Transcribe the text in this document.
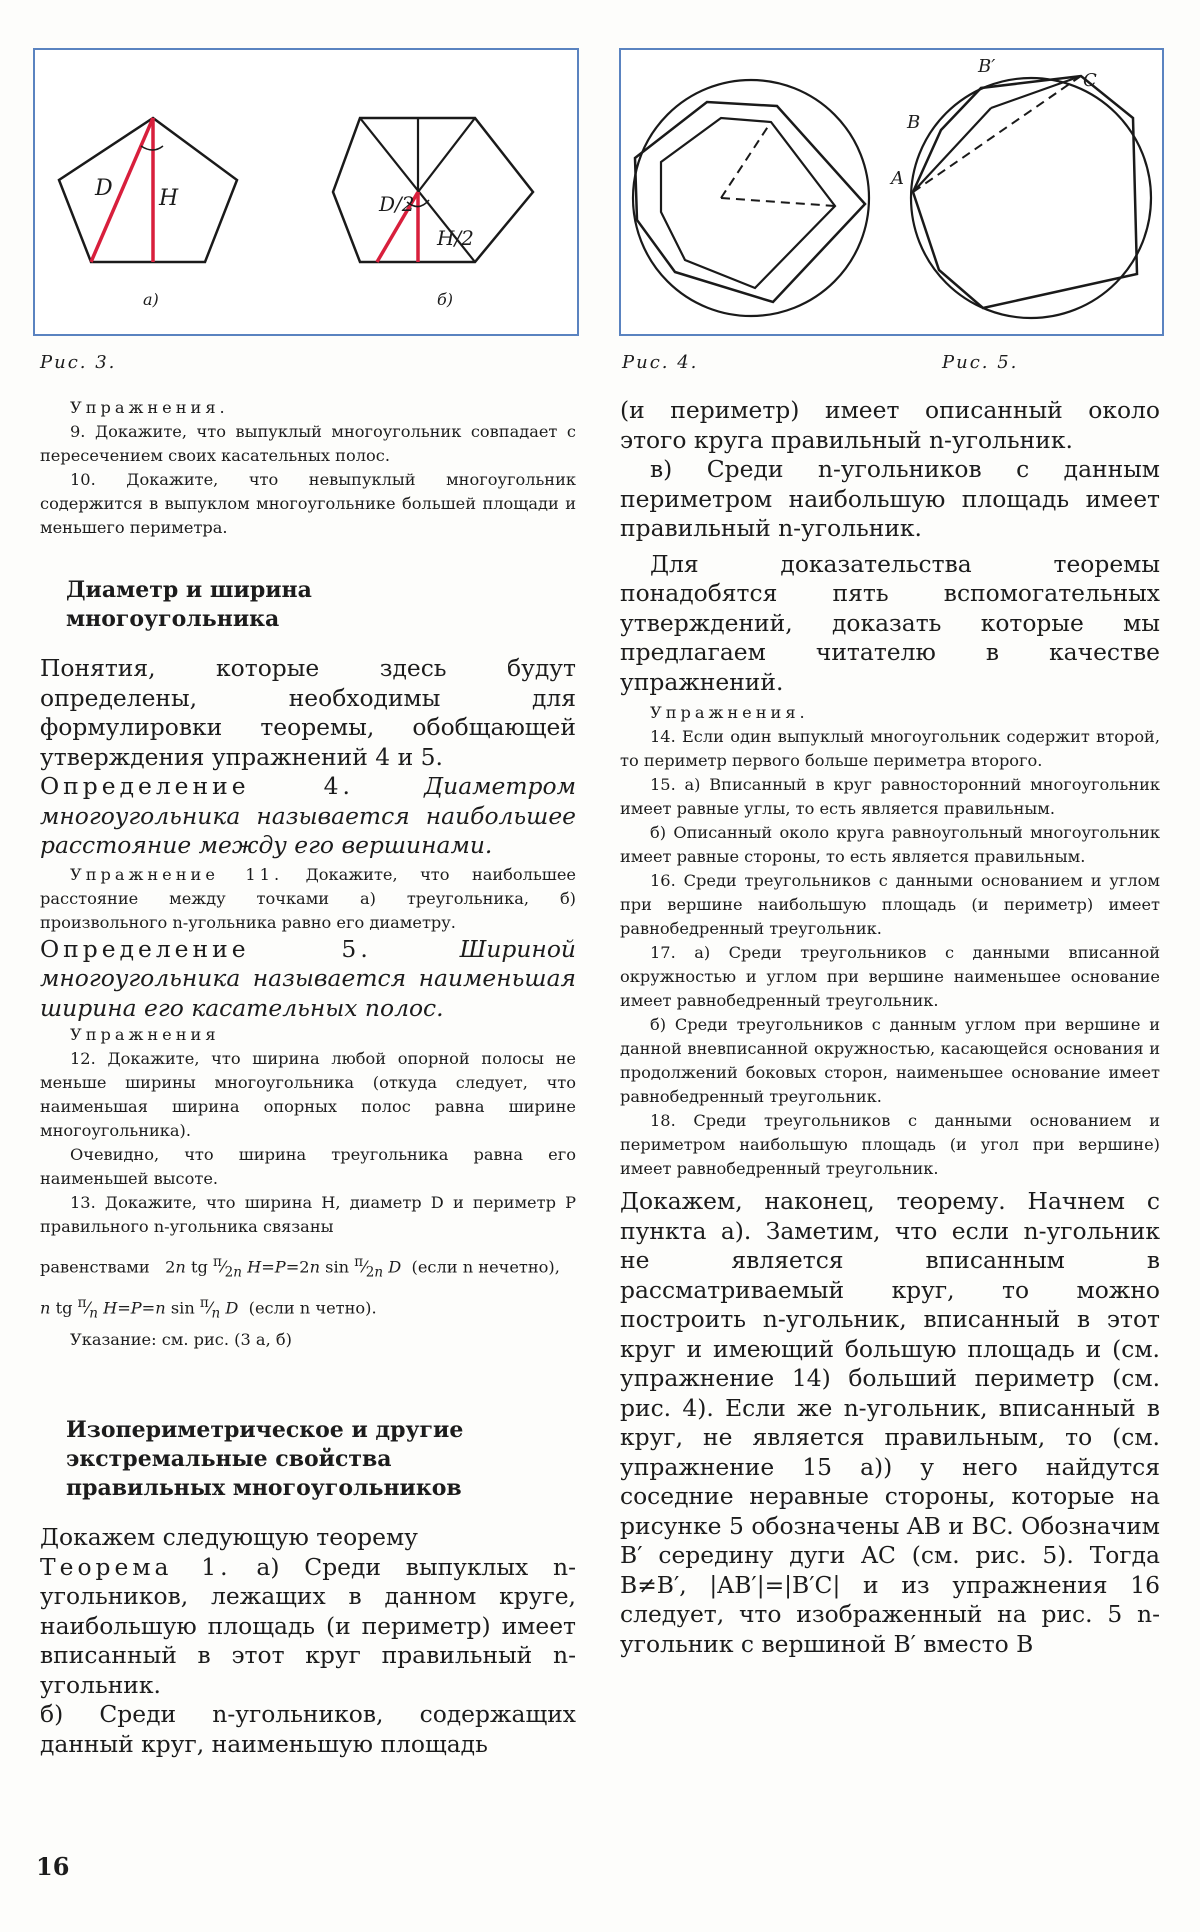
D H	D/2
H/2
а)	б)
Рис. 3.
B′
C
B
A
Рис. 4.	Рис. 5.

Упражнения.

9. Докажите, что выпуклый многоугольник совпадает с пересечением своих касательных полос.

10. Докажите, что невыпуклый многоугольник содержится в выпуклом многоугольнике большей площади и меньшего периметра.

Диаметр и ширина многоугольника

Понятия, которые здесь будут определены, необходимы для формулировки теоремы, обобщающей утверждения упражнений 4 и 5.

Определение 4.	Диаметром многоугольника называется наибольшее расстояние между его вершинами.

Упражнение 11. Докажите, что наибольшее расстояние между точками а) треугольника, б) произвольного n-угольника равно его диаметру.

Определение 5.	Шириной многоугольника называется наименьшая ширина его касательных полос.

Упражнения

12. Докажите, что ширина любой опорной полосы не меньше ширины многоугольника (откуда следует, что наименьшая ширина опорных полос равна ширине многоугольника).

Очевидно, что ширина треугольника равна его наименьшей высоте.

13. Докажите, что ширина H, диаметр D и периметр P правильного n-угольника связаны

равенствами   2n tg $^\pi⁄_{2n}$ H=P=2n $\sin ^\pi⁄_{2n}$ D (если n нечетно),

n tg $^\pi⁄_n$ H=P=n $\sin ^\pi⁄_n$ D (если n четно).

Указание: см. рис. (3 а, б)

Изопериметрическое и другие экстремальные свойства правильных многоугольников

Докажем следующую теорему

Теорема 1. а) Среди выпуклых n-угольников, лежащих в данном круге, наибольшую площадь (и периметр) имеет вписанный в этот круг правильный n-угольник.

б) Среди n-угольников, содержащих данный круг, наименьшую площадь

(и периметр) имеет описанный около этого круга правильный n-угольник.

в) Среди n-угольников с данным периметром наибольшую площадь имеет правильный n-угольник.

Для доказательства теоремы понадобятся пять вспомогательных утверждений, доказать которые мы предлагаем читателю в качестве упражнений.

Упражнения.

14. Если один выпуклый многоугольник содержит второй, то периметр первого больше периметра второго.

15. а) Вписанный в круг равносторонний многоугольник имеет равные углы, то есть является правильным.

б) Описанный около круга равноугольный многоугольник имеет равные стороны, то есть является правильным.

16. Среди треугольников с данными основанием и углом при вершине наибольшую площадь (и периметр) имеет равнобедренный треугольник.

17. а) Среди треугольников с данными вписанной окружностью и углом при вершине наименьшее основание имеет равнобедренный треугольник.

б) Среди треугольников с данным углом при вершине и данной вневписанной окружностью, касающейся основания и продолжений боковых сторон, наименьшее основание имеет равнобедренный треугольник.

18. Среди треугольников с данными основанием и периметром наибольшую площадь (и угол при вершине) имеет равнобедренный треугольник.

Докажем, наконец, теорему. Начнем с пункта а). Заметим, что если n-угольник не является вписанным в рассматриваемый круг, то можно построить n-угольник, вписанный в этот круг и имеющий большую площадь и (см. упражнение 14) больший периметр (см. рис. 4). Если же n-угольник, вписанный в круг, не является правильным, то (см. упражнение 15 а)) у него найдутся соседние неравные стороны, которые на рисунке 5 обозначены AB и BC. Обозначим B′ середину дуги AC (см. рис. 5). Тогда B≠B′, |AB′|=|B′C| и из упражнения 16 следует, что изображенный на рис. 5 n-угольник с вершиной B′ вместо B

16
